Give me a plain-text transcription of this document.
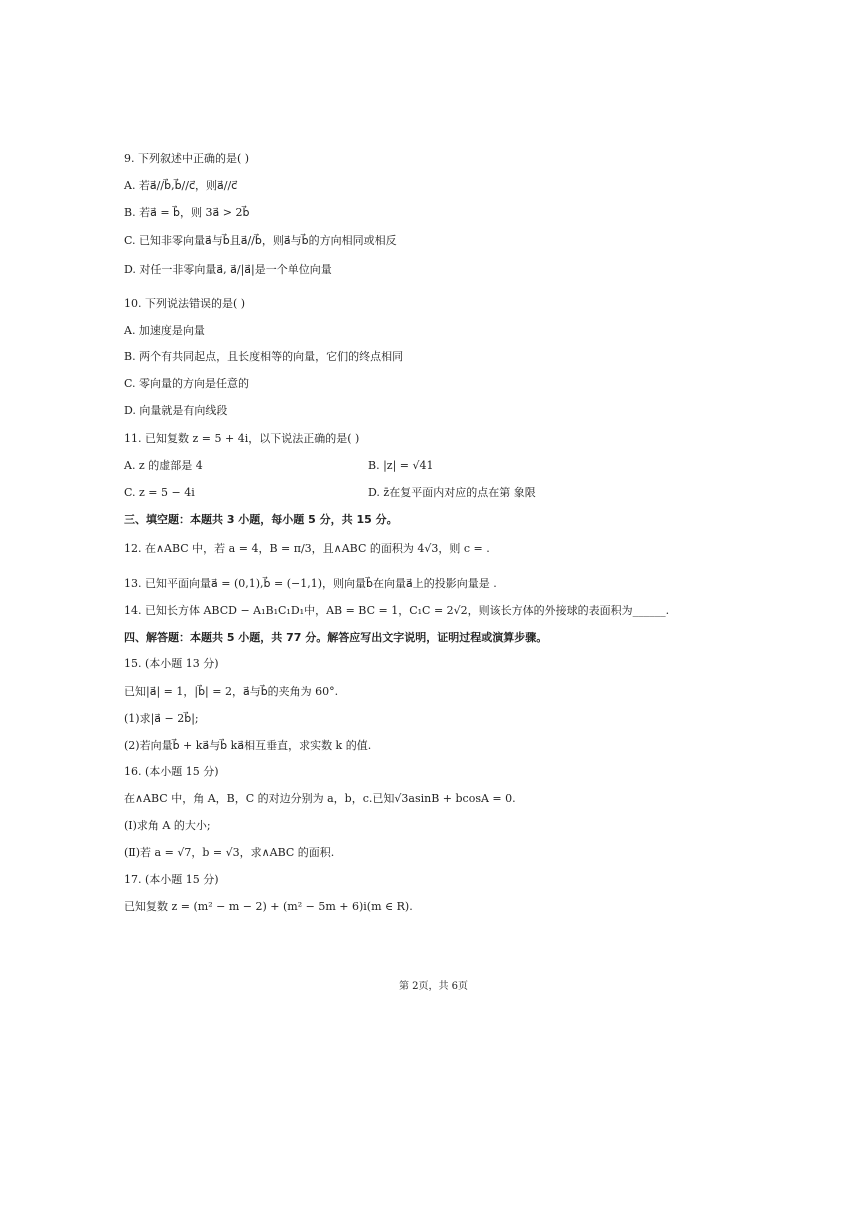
9. 下列叙述中正确的是( )
A. 若a⃗//b⃗,b⃗//c⃗，则a⃗//c⃗
B. 若a⃗ = b⃗，则 3a⃗ > 2b⃗
C. 已知非零向量a⃗与b⃗且a⃗//b⃗，则a⃗与b⃗的方向相同或相反
D. 对任一非零向量a⃗, a⃗/|a⃗|是一个单位向量
10. 下列说法错误的是( )
A. 加速度是向量
B. 两个有共同起点，且长度相等的向量，它们的终点相同
C. 零向量的方向是任意的
D. 向量就是有向线段
11. 已知复数 z = 5 + 4i，以下说法正确的是( )
A. z 的虚部是 4	B. |z| = √41
C. z = 5 − 4i	D. z̄在复平面内对应的点在第 象限
三、填空题：本题共 3 小题，每小题 5 分，共 15 分。
12. 在∧ABC 中，若 a = 4，B = π/3，且∧ABC 的面积为 4√3，则 c = .
13. 已知平面向量a⃗ = (0,1),b⃗ = (−1,1)，则向量b⃗在向量a⃗上的投影向量是 .
14. 已知长方体 ABCD − A₁B₁C₁D₁中，AB = BC = 1，C₁C = 2√2，则该长方体的外接球的表面积为______.
四、解答题：本题共 5 小题，共 77 分。解答应写出文字说明，证明过程或演算步骤。
15. (本小题 13 分)
已知|a⃗| = 1，|b⃗| = 2，a⃗与b⃗的夹角为 60°.
(1)求|a⃗ − 2b⃗|;
(2)若向量b⃗ + ka⃗与b⃗ ka⃗相互垂直，求实数 k 的值.
16. (本小题 15 分)
在∧ABC 中，角 A，B，C 的对边分别为 a，b，c.已知√3asinB + bcosA = 0.
(Ⅰ)求角 A 的大小;
(Ⅱ)若 a = √7，b = √3，求∧ABC 的面积.
17. (本小题 15 分)
已知复数 z = (m² − m − 2) + (m² − 5m + 6)i(m ∈ R).
第 2页，共 6页
